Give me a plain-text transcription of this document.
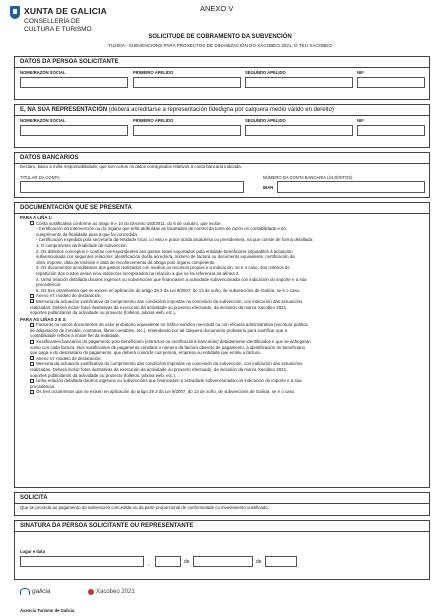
XUNTA DE GALICIA
CONSELLERÍA DE
CULTURA E TURISMO
ANEXO V
SOLICITUDE DE COBRAMENTO DA SUBVENCIÓN
TU200A - SUBVENCIÓNS PARA PROXECTOS DE DINAMIZACIÓN DO XACOBEO 2021, O TEU XACOBEO
DATOS DA PERSOA SOLICITANTE
NOME/RAZÓN SOCIAL	PRIMEIRO APELIDO	SEGUNDO APELIDO	NIF
E, NA SÚA REPRESENTACIÓN (deberá acreditarse a representación fidedigna por calquera medio válido en dereito)
NOME/RAZÓN SOCIAL	PRIMEIRO APELIDO	SEGUNDO APELIDO	NIF
DATOS BANCARIOS
Declaro, baixo a miña responsabilidade, que son certos os datos consignados relativos á conta bancaria indicada.
TITULAR DA CONTA	NÚMERO DA CONTA BANCARIA (24 DÍXITOS)
IBAN
DOCUMENTACIÓN QUE SE PRESENTA
PARA A LIÑA 1:
Conta xustificativa conforme ao artigo 8 e 10 do Decreto 193/2011, do 6 de outubro, que inclúe:
- Certificación da Intervención ou do órgano que teña atribuídas as facultades de control da toma de razón en contabilidade e do
cumprimento da finalidade para a que foi concedida.
- Certificación expedida pola secretaría da entidade local, co visto e prace do/da alcalde/sa ou presidente/a, na que conste de forma detallada:
1. O cumprimento da finalidade da subvención.
2. Os distintos conceptos e contías correspondentes aos gastos totais soportados pola entidade beneficiaria imputables á actuación
subvencionada cos seguintes relacións: identificación do/da acredor/a, número de factura ou documento equivalente, certificación da
obra, importe, data de emisión e data de recoñecemento da obriga polo órgano competente.
3. Os documentos acreditativos dos gastos realizados con medios ou recursos propios e a indicación, se é o caso, dos criterios de
repartición dos custos xerais e/ou indirectos incorporados na relación a que se fai referencia na alínea 2.
4. Unha relación detallada doutros ingresos ou subvencións que financiasen a actividade subvencionada con indicación do importe e a súa
procedencia.
5. Os tres orzamentos que se exixen en aplicación do artigo 29.3 da Lei 9/2007, do 13 de xuño, de subvencións de Galicia, se é o caso.
Anexo VI: modelo de declaración.
Memoria da actuación xustificativa do cumprimento das condicións impostas na concesión da subvención, con indicación das actuacións
realizadas. Deberá incluír fotos ilustrativas da execución da actividade ou proxecto efectuado, da inclusión da marca Xacobeo 2021,
soportes publicitarios da actividade ou proxecto (folletos, páxina web, etc.).
PARA AS LIÑAS 2 E 3:
Facturas ou outros documentos de valor probatorio equivalente no tráfico xurídico mercantil ou con eficacia administrativa (escritura pública
de adquisición de inmoble, contratos, libros contables, etc.), entendendo por tal calquera documento probatorio para xustificar que a
contabilidade reflicte a imaxe fiel da realidade.
Xustificantes bancarios do pagamento polo beneficiario (extractos ou certificacións bancarias) debidamente identificados e que se achegarán
xunto con cada factura. Nos xustificantes de pagamento constará o número da factura obxecto de pagamento, a identificación do beneficiario
que paga e do destinatario do pagamento, que deberá coincidir coa persoa, empresa ou entidade que emitiu a factura.
Anexo VI: modelo de declaración.
Memoria da actuación xustificativa do cumprimento das condicións impostas na concesión da subvención, con indicación das actuacións
realizadas. Deberá incluír fotos ilustrativas da execución da actividade ou proxecto efectuado, da inclusión da marca Xacobeo 2021,
soportes publicitarios da actividade ou proxecto (folletos, páxina web, etc.).
Unha relación detallada doutros ingresos ou subvencións que financiasen a actividade subvencionada con indicación do importe e a súa
procedencia.
Os tres orzamentos que se exixen en aplicación do artigo 29.3 da Lei 9/2007, do 13 de xuño, de subvencións de Galicia, se é o caso.
SOLICITA
Que se proceda ao pagamento da subvención concedida ou da parte proporcional de conformidade co investimento xustificado.
SINATURA DA PERSOA SOLICITANTE OU REPRESENTANTE
Lugar e data
,	de	de
galicia	Xacobeo 2021
Axencia Turismo de Galicia
